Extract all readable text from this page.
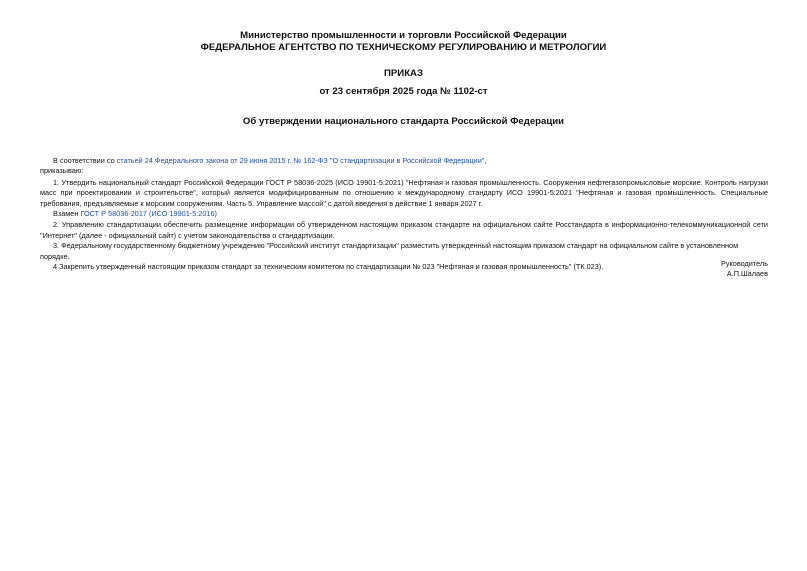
Министерство промышленности и торговли Российской Федерации
ФЕДЕРАЛЬНОЕ АГЕНТСТВО ПО ТЕХНИЧЕСКОМУ РЕГУЛИРОВАНИЮ И МЕТРОЛОГИИ
ПРИКАЗ
от 23 сентября 2025 года № 1102-ст
Об утверждении национального стандарта Российской Федерации

В соответствии со статьей 24 Федерального закона от 29 июня 2015 г. № 162-ФЗ "О стандартизации в Российской Федерации",

приказываю:

1. Утвердить национальный стандарт Российской Федерации ГОСТ Р 58036-2025 (ИСО 19901-5:2021) "Нефтяная и газовая промышленность. Сооружения нефтегазопромысловые морские. Контроль нагрузки масс при проектировании и строительстве", который является модифицированным по отношению к международному стандарту ИСО 19901-5:2021 "Нефтяная и газовая промышленность. Специальные требования, предъявляемые к морским сооружениям. Часть 5. Управление массой" с датой введения в действие 1 января 2027 г.

Взамен ГОСТ Р 58036-2017 (ИСО 19901-5:2016)

2. Управлению стандартизации обеспечить размещение информации об утвержденном настоящим приказом стандарте на официальном сайте Росстандарта в информационно-телекоммуникационной сети "Интернет" (далее - официальный сайт) с учетом законодательства о стандартизации.

3. Федеральному государственному бюджетному учреждению "Российский институт стандартизации" разместить утвержденный настоящим приказом стандарт на официальном сайте в установленном порядке.

4.Закрепить утвержденный настоящим приказом стандарт за техническим комитетом по стандартизации № 023 "Нефтяная и газовая промышленность" (ТК 023).	Руководитель
А.П.Шалаев
